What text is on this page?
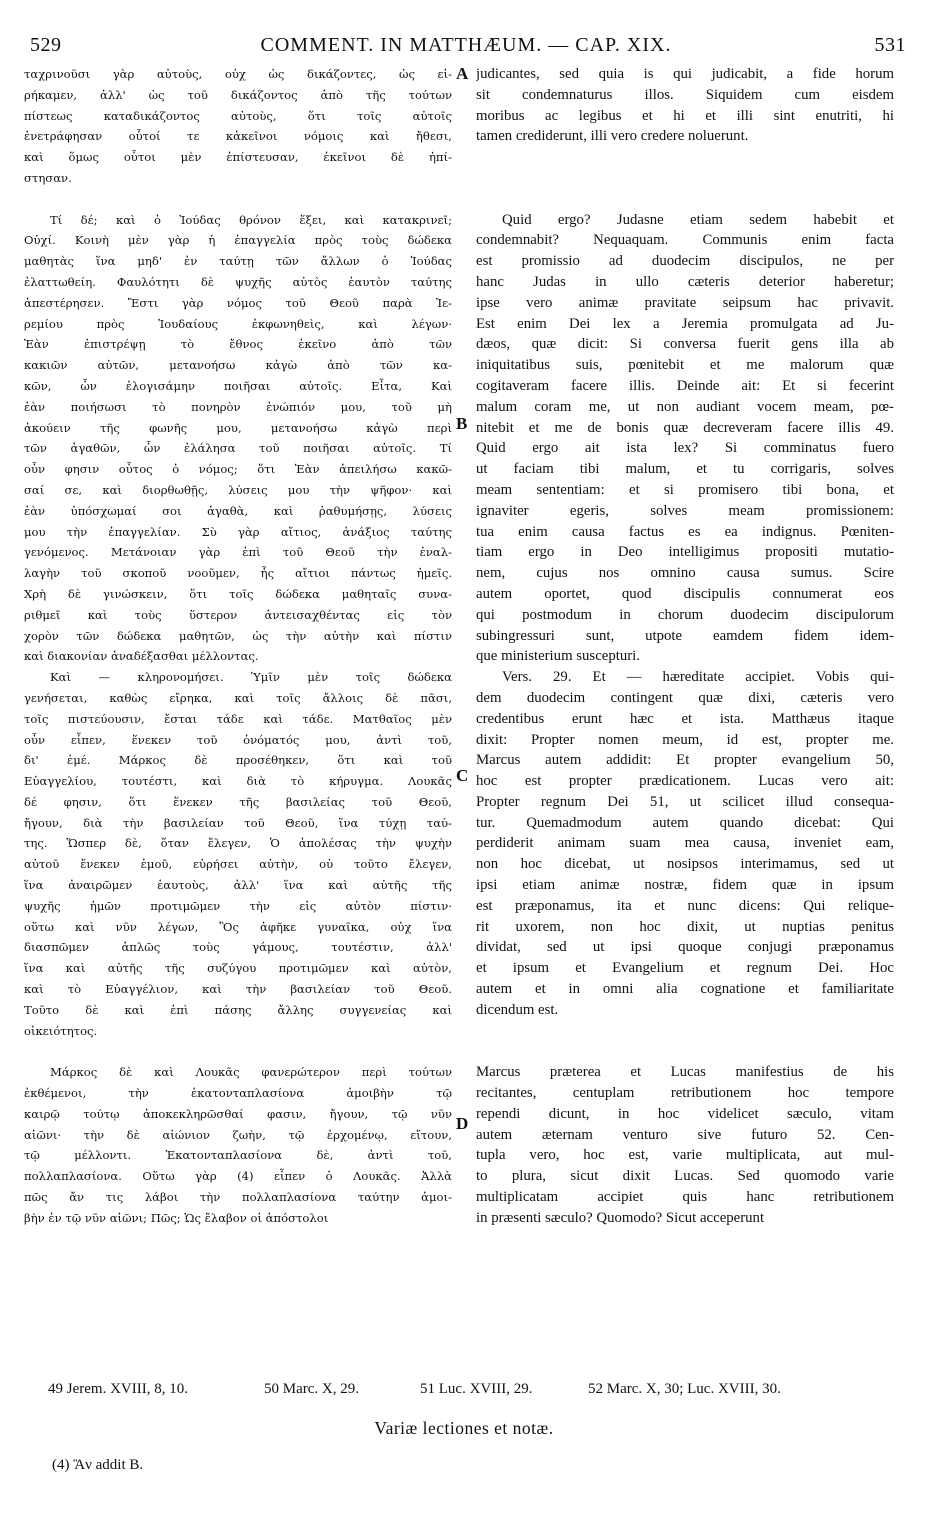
529	COMMENT. IN MATTHÆUM. — CAP. XIX.	531
ταχρινοῦσι γὰρ αὐτοὺς, οὐχ ὡς δικάζοντες, ὡς εἰ-
ρήκαμεν, ἀλλ' ὡς τοῦ δικάζοντος ἀπὸ τῆς τούτων
πίστεως καταδικάζοντος αὐτοὺς, ὅτι τοῖς αὐτοῖς
ἐνετράφησαν οὗτοί τε κἀκεῖνοι νόμοις καὶ ἤθεσι,
καὶ ὅμως οὗτοι μὲν ἐπίστευσαν, ἐκεῖνοι δὲ ἠπί-
στησαν.
Τί δέ; καὶ ὁ Ἰούδας θρόνον ἕξει, καὶ κατακρινεῖ;
Οὐχί. Κοινὴ μὲν γὰρ ἡ ἐπαγγελία πρὸς τοὺς δώδεκα
μαθητὰς ἵνα μηδ' ἐν ταύτῃ τῶν ἄλλων ὁ Ἰούδας
ἐλαττωθείη. Φαυλότητι δὲ ψυχῆς αὐτὸς ἑαυτὸν ταύτης
ἀπεστέρησεν. Ἔστι γὰρ νόμος τοῦ Θεοῦ παρὰ Ἱε-
ρεμίου πρὸς Ἰουδαίους ἐκφωνηθεὶς, καὶ λέγων·
Ἐὰν ἐπιστρέψῃ τὸ ἔθνος ἐκεῖνο ἀπὸ τῶν
κακιῶν αὐτῶν, μετανοήσω κἀγὼ ἀπὸ τῶν κα-
κῶν, ὧν ἐλογισάμην ποιῆσαι αὐτοῖς. Εἶτα, Καὶ
ἐὰν ποιήσωσι τὸ πονηρὸν ἐνώπιόν μου, τοῦ μὴ
ἀκούειν τῆς φωνῆς μου, μετανοήσω κἀγὼ περὶ
τῶν ἀγαθῶν, ὧν ἐλάλησα τοῦ ποιῆσαι αὐτοῖς. Τί
οὖν φησιν οὗτος ὁ νόμος; ὅτι Ἐὰν ἀπειλήσω κακῶ-
σαί σε, καὶ διορθωθῇς, λύσεις μου τὴν ψῆφον· καὶ
ἐὰν ὑπόσχωμαί σοι ἀγαθὰ, καὶ ῥαθυμήσῃς, λύσεις
μου τὴν ἐπαγγελίαν. Σὺ γὰρ αἴτιος, ἀνάξιος ταύτης
γενόμενος. Μετάνοιαν γὰρ ἐπὶ τοῦ Θεοῦ τὴν ἐναλ-
λαγὴν τοῦ σκοποῦ νοοῦμεν, ἧς αἴτιοι πάντως ἡμεῖς.
Χρὴ δὲ γινώσκειν, ὅτι τοῖς δώδεκα μαθηταῖς συνα-
ριθμεῖ καὶ τοὺς ὕστερον ἀντεισαχθέντας εἰς τὸν
χορὸν τῶν δώδεκα μαθητῶν, ὡς τὴν αὐτὴν καὶ πίστιν
καὶ διακονίαν ἀναδέξασθαι μέλλοντας.
Καὶ — κληρονομήσει. Ὑμῖν μὲν τοῖς δώδεκα
γενήσεται, καθὼς εἴρηκα, καὶ τοῖς ἄλλοις δὲ πᾶσι,
τοῖς πιστεύουσιν, ἔσται τάδε καὶ τάδε. Ματθαῖος μὲν
οὖν εἶπεν, ἕνεκεν τοῦ ὀνόματός μου, ἀντὶ τοῦ,
δι' ἐμέ. Μάρκος δὲ προσέθηκεν, ὅτι καὶ τοῦ
Εὐαγγελίου, τουτέστι, καὶ διὰ τὸ κήρυγμα. Λουκᾶς
δέ φησιν, ὅτι ἕνεκεν τῆς βασιλείας τοῦ Θεοῦ,
ἤγουν, διὰ τὴν βασιλείαν τοῦ Θεοῦ, ἵνα τύχῃ ταύ-
της. Ὥσπερ δὲ, ὅταν ἔλεγεν, Ὁ ἀπολέσας τὴν ψυχὴν
αὐτοῦ ἕνεκεν ἐμοῦ, εὑρήσει αὐτὴν, οὐ τοῦτο ἔλεγεν,
ἵνα ἀναιρῶμεν ἑαυτοὺς, ἀλλ' ἵνα καὶ αὐτῆς τῆς
ψυχῆς ἡμῶν προτιμῶμεν τὴν εἰς αὐτὸν πίστιν·
οὕτω καὶ νῦν λέγων, Ὃς ἀφῆκε γυναῖκα, οὐχ ἵνα
διασπῶμεν ἁπλῶς τοὺς γάμους, τουτέστιν, ἀλλ'
ἵνα καὶ αὐτῆς τῆς συζύγου προτιμῶμεν καὶ αὐτὸν,
καὶ τὸ Εὐαγγέλιον, καὶ τὴν βασιλείαν τοῦ Θεοῦ.
Τοῦτο δὲ καὶ ἐπὶ πάσης ἄλλης συγγενείας καὶ
οἰκειότητος.
Μάρκος δὲ καὶ Λουκᾶς φανερώτερον περὶ τούτων
ἐκθέμενοι, τὴν ἑκατονταπλασίονα ἀμοιβὴν τῷ
καιρῷ τούτῳ ἀποκεκληρῶσθαί φασιν, ἤγουν, τῷ νῦν
αἰῶνι· τὴν δὲ αἰώνιον ζωὴν, τῷ ἐρχομένῳ, εἴτουν,
τῷ μέλλοντι. Ἑκατονταπλασίονα δὲ, ἀντὶ τοῦ,
πολλαπλασίονα. Οὕτω γὰρ (4) εἶπεν ὁ Λουκᾶς. Ἀλλὰ
πῶς ἄν τις λάβοι τὴν πολλαπλασίονα ταύτην ἀμοι-
βὴν ἐν τῷ νῦν αἰῶνι; Πῶς; Ὡς ἔλαβον οἱ ἀπόστολοι
judicantes, sed quia is qui judicabit, a fide horum
sit condemnaturus illos. Siquidem cum eisdem
moribus ac legibus et hi et illi sint enutriti, hi
tamen crediderunt, illi vero credere noluerunt.
Quid ergo? Judasne etiam sedem habebit et
condemnabit? Nequaquam. Communis enim facta
est promissio ad duodecim discipulos, ne per
hanc Judas in ullo cæteris deterior haberetur;
ipse vero animæ pravitate seipsum hac privavit.
Est enim Dei lex a Jeremia promulgata ad Ju-
dæos, quæ dicit: Si conversa fuerit gens illa ab
iniquitatibus suis, pœnitebit et me malorum quæ
cogitaveram facere illis. Deinde ait: Et si fecerint
malum coram me, ut non audiant vocem meam, pœ-
nitebit et me de bonis quæ decreveram facere illis 49.
Quid ergo ait ista lex? Si comminatus fuero
ut faciam tibi malum, et tu corrigaris, solves
meam sententiam: et si promisero tibi bona, et
ignaviter egeris, solves meam promissionem:
tua enim causa factus es ea indignus. Pœniten-
tiam ergo in Deo intelligimus propositi mutatio-
nem, cujus nos omnino causa sumus. Scire
autem oportet, quod discipulis connumerat eos
qui postmodum in chorum duodecim discipulorum
subingressuri sunt, utpote eamdem fidem idem-
que ministerium suscepturi.
Vers. 29. Et — hæreditate accipiet. Vobis qui-
dem duodecim contingent quæ dixi, cæteris vero
credentibus erunt hæc et ista. Matthæus itaque
dixit: Propter nomen meum, id est, propter me.
Marcus autem addidit: Et propter evangelium 50,
hoc est propter prædicationem. Lucas vero ait:
Propter regnum Dei 51, ut scilicet illud consequa-
tur. Quemadmodum autem quando dicebat: Qui
perdiderit animam suam mea causa, inveniet eam,
non hoc dicebat, ut nosipsos interimamus, sed ut
ipsi etiam animæ nostræ, fidem quæ in ipsum
est præponamus, ita et nunc dicens: Qui relique-
rit uxorem, non hoc dixit, ut nuptias penitus
dividat, sed ut ipsi quoque conjugi præponamus
et ipsum et Evangelium et regnum Dei. Hoc
autem et in omni alia cognatione et familiaritate
dicendum est.
Marcus præterea et Lucas manifestius de his
recitantes, centuplam retributionem hoc tempore
rependi dicunt, in hoc videlicet sæculo, vitam
autem æternam venturo sive futuro 52. Cen-
tupla vero, hoc est, varie multiplicata, aut mul-
to plura, sicut dixit Lucas. Sed quomodo varie
multiplicatam accipiet quis hanc retributionem
in præsenti sæculo? Quomodo? Sicut acceperunt
A
B
C
D
49 Jerem. XVIII, 8, 10.	50 Marc. X, 29.	51 Luc. XVIII, 29.	52 Marc. X, 30; Luc. XVIII, 30.
Variæ lectiones et notæ.
(4) Ἂν addit B.
